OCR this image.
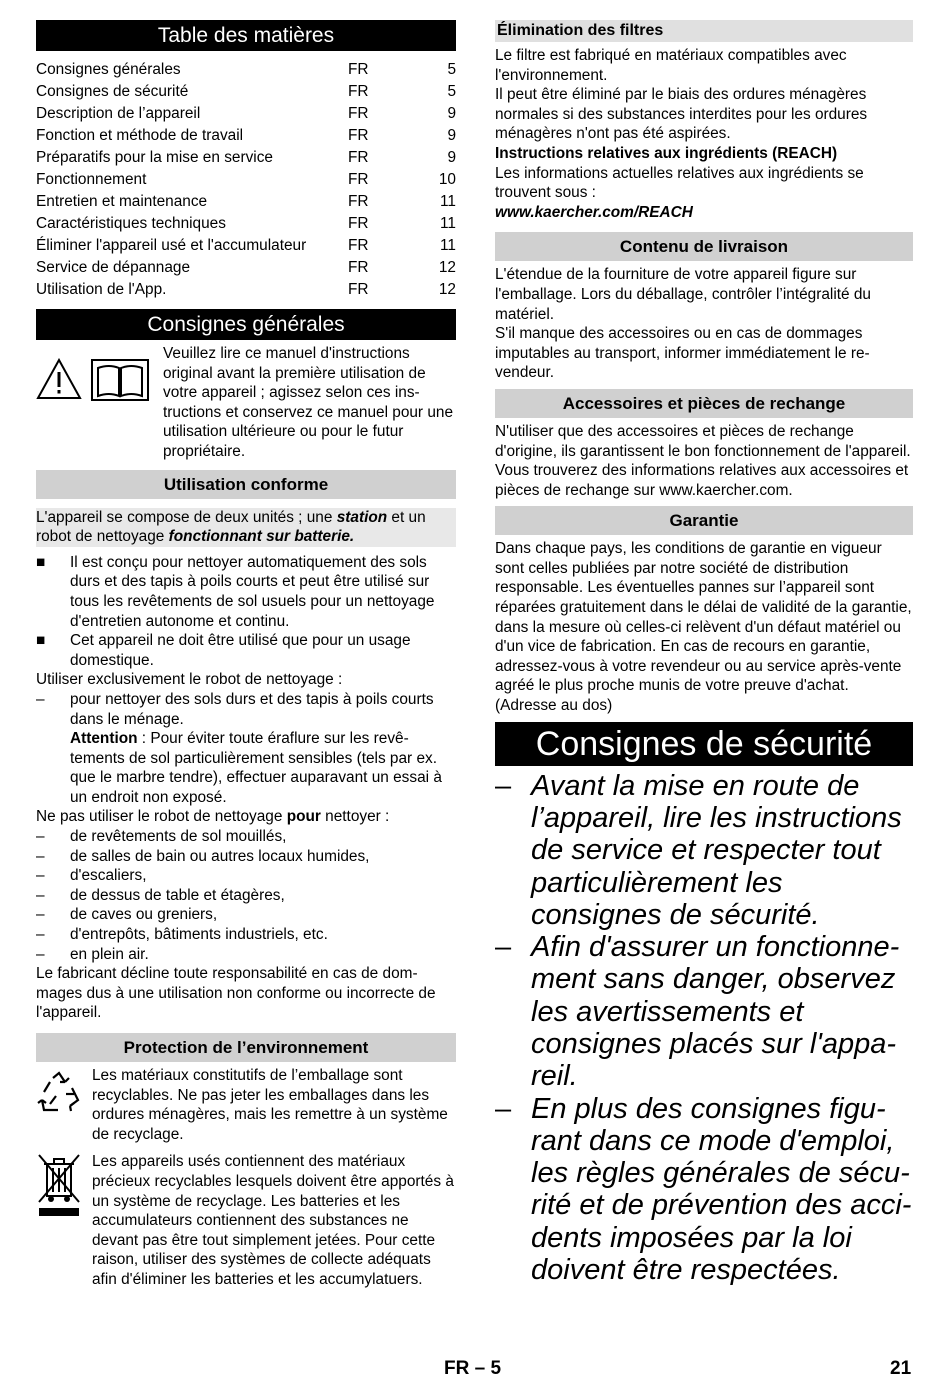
Table des matières
Consignes générales	FR	5
Consignes de sécurité	FR	5
Description de l’appareil	FR	9
Fonction et méthode de travail	FR	9
Préparatifs pour la mise en service	FR	9
Fonctionnement	FR	10
Entretien et maintenance	FR	11
Caractéristiques techniques	FR	11
Éliminer l'appareil usé et l'accumulateur	FR	11
Service de dépannage	FR	12
Utilisation de l'App.	FR	12
Consignes générales
Veuillez lire ce manuel d'instructions original avant la première utilisation de votre appareil ; agissez selon ces instructions et conservez ce manuel pour une utilisation ultérieure ou pour le futur propriétaire.
Utilisation conforme
L'appareil se compose de deux unités ; une station et un robot de nettoyage fonctionnant sur batterie.
■	Il est conçu pour nettoyer automatiquement des sols durs et des tapis à poils courts et peut être utilisé sur tous les revêtements de sol usuels pour un nettoyage d'entretien autonome et continu.
■	Cet appareil ne doit être utilisé que pour un usage domestique.
Utiliser exclusivement le robot de nettoyage :
–	pour nettoyer des sols durs et des tapis à poils courts dans le ménage.
Attention : Pour éviter toute éraflure sur les revêtements de sol particulièrement sensibles (tels par ex. que le marbre tendre), effectuer auparavant un essai à un endroit non exposé.
Ne pas utiliser le robot de nettoyage pour nettoyer :
–	de revêtements de sol mouillés,
–	de salles de bain ou autres locaux humides,
–	d'escaliers,
–	de dessus de table et étagères,
–	de caves ou greniers,
–	d'entrepôts, bâtiments industriels, etc.
–	en plein air.
Le fabricant décline toute responsabilité en cas de dommages dus à une utilisation non conforme ou incorrecte de l'appareil.
Protection de l’environnement
Les matériaux constitutifs de l’emballage sont recyclables. Ne pas jeter les emballages dans les ordures ménagères, mais les remettre à un système de recyclage.
Les appareils usés contiennent des matériaux précieux recyclables lesquels doivent être apportés à un système de recyclage. Les batteries et les accumulateurs contiennent des substances ne devant pas être tout simplement jetées. Pour cette raison, utiliser des systèmes de collecte adéquats afin d'éliminer les batteries et les accumylatuers.
Élimination des filtres
Le filtre est fabriqué en matériaux compatibles avec l'environnement.
Il peut être éliminé par le biais des ordures ménagères normales si des substances interdites pour les ordures ménagères n'ont pas été aspirées.
Instructions relatives aux ingrédients (REACH)
Les informations actuelles relatives aux ingrédients se trouvent sous :
www.kaercher.com/REACH
Contenu de livraison
L'étendue de la fourniture de votre appareil figure sur l'emballage. Lors du déballage, contrôler l’intégralité du matériel.
S'il manque des accessoires ou en cas de dommages imputables au transport, informer immédiatement le revendeur.
Accessoires et pièces de rechange
N'utiliser que des accessoires et pièces de rechange d'origine, ils garantissent le bon fonctionnement de l'appareil.
Vous trouverez des informations relatives aux accessoires et pièces de rechange sur www.kaercher.com.
Garantie
Dans chaque pays, les conditions de garantie en vigueur sont celles publiées par notre société de distribution responsable. Les éventuelles pannes sur l’appareil sont réparées gratuitement dans le délai de validité de la garantie, dans la mesure où celles-ci relèvent d'un défaut matériel ou d'un vice de fabrication. En cas de recours en garantie, adressez-vous à votre revendeur ou au service après-vente agréé le plus proche munis de votre preuve d'achat.
(Adresse au dos)
Consignes de sécurité
– Avant la mise en route de l’appareil, lire les instructions de service et respecter tout particulièrement les consignes de sécurité.
– Afin d'assurer un fonctionnement sans danger, observez les avertissements et consignes placés sur l'appareil.
– En plus des consignes figurant dans ce mode d'emploi, les règles générales de sécurité et de prévention des accidents imposées par la loi doivent être respectées.
FR – 5	21
